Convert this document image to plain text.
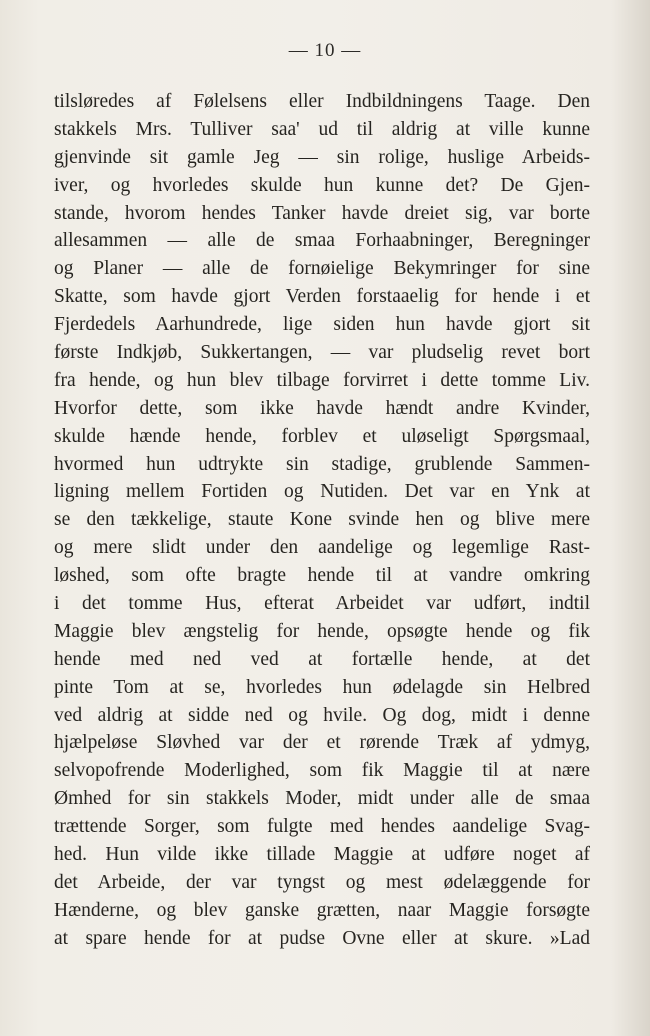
— 10 —
tilsløredes af Følelsens eller Indbildningens Taage. Den
stakkels Mrs. Tulliver saa' ud til aldrig at ville kunne
gjenvinde sit gamle Jeg — sin rolige, huslige Arbeids-
iver, og hvorledes skulde hun kunne det? De Gjen-
stande, hvorom hendes Tanker havde dreiet sig, var borte
allesammen — alle de smaa Forhaabninger, Beregninger
og Planer — alle de fornøielige Bekymringer for sine
Skatte, som havde gjort Verden forstaaelig for hende i et
Fjerdedels Aarhundrede, lige siden hun havde gjort sit
første Indkjøb, Sukkertangen, — var pludselig revet bort
fra hende, og hun blev tilbage forvirret i dette tomme Liv.
Hvorfor dette, som ikke havde hændt andre Kvinder,
skulde hænde hende, forblev et uløseligt Spørgsmaal,
hvormed hun udtrykte sin stadige, grublende Sammen-
ligning mellem Fortiden og Nutiden. Det var en Ynk at
se den tækkelige, staute Kone svinde hen og blive mere
og mere slidt under den aandelige og legemlige Rast-
løshed, som ofte bragte hende til at vandre omkring
i det tomme Hus, efterat Arbeidet var udført, indtil
Maggie blev ængstelig for hende, opsøgte hende og fik
hende med ned ved at fortælle hende, at det
pinte Tom at se, hvorledes hun ødelagde sin Helbred
ved aldrig at sidde ned og hvile. Og dog, midt i denne
hjælpeløse Sløvhed var der et rørende Træk af ydmyg,
selvopofrende Moderlighed, som fik Maggie til at nære
Ømhed for sin stakkels Moder, midt under alle de smaa
trættende Sorger, som fulgte med hendes aandelige Svag-
hed. Hun vilde ikke tillade Maggie at udføre noget af
det Arbeide, der var tyngst og mest ødelæggende for
Hænderne, og blev ganske grætten, naar Maggie forsøgte
at spare hende for at pudse Ovne eller at skure. »Lad
